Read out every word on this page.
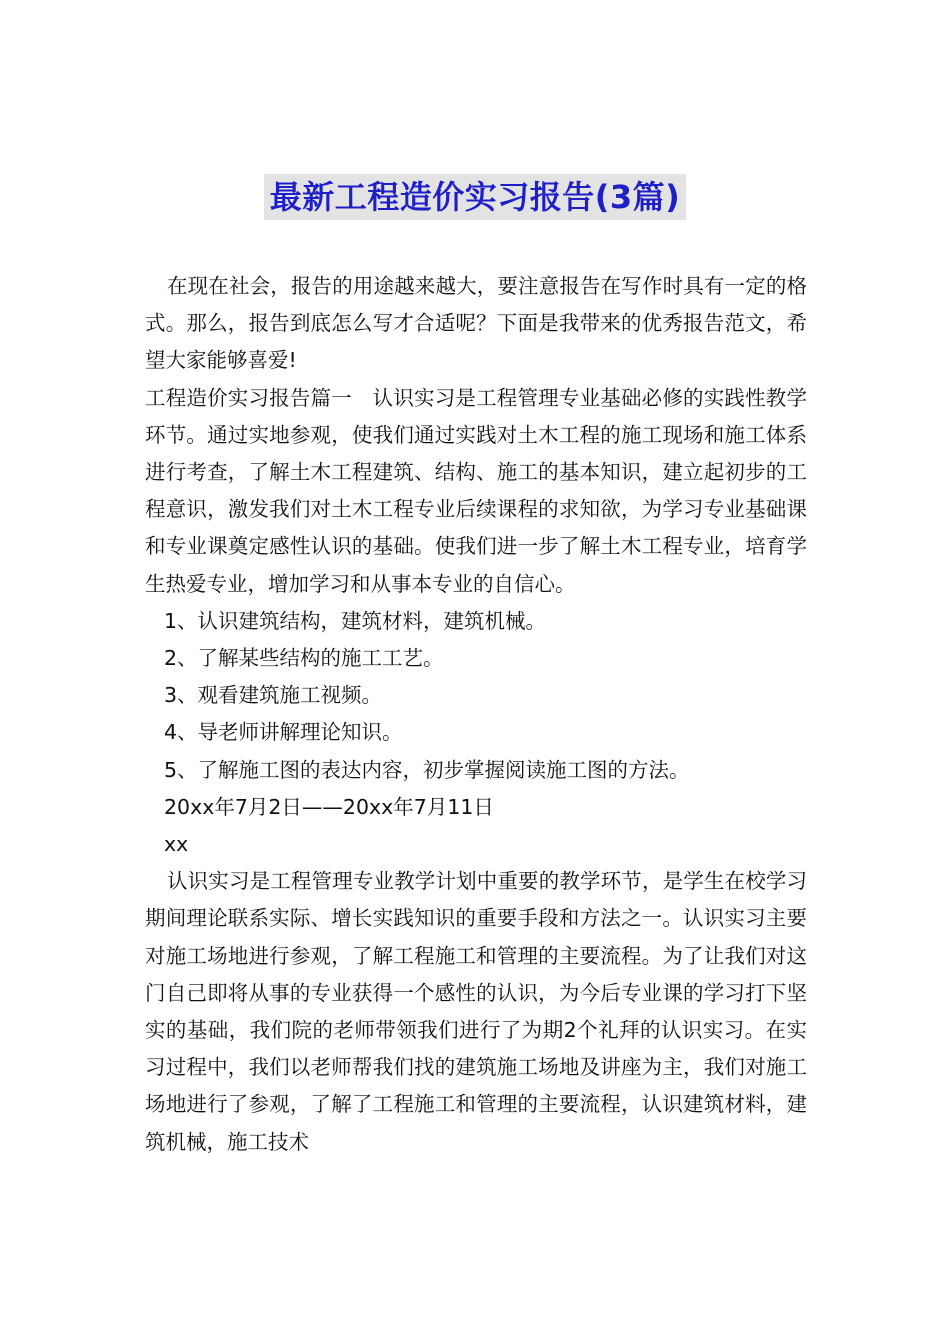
最新工程造价实习报告(3篇)

在现在社会，报告的用途越来越大，要注意报告在写作时具有一定的格式。那么，报告到底怎么写才合适呢？下面是我带来的优秀报告范文，希望大家能够喜爱!

工程造价实习报告篇一　认识实习是工程管理专业基础必修的实践性教学环节。通过实地参观，使我们通过实践对土木工程的施工现场和施工体系进行考查，了解土木工程建筑、结构、施工的基本知识，建立起初步的工程意识，激发我们对土木工程专业后续课程的求知欲，为学习专业基础课和专业课奠定感性认识的基础。使我们进一步了解土木工程专业，培育学生热爱专业，增加学习和从事本专业的自信心。

1、认识建筑结构，建筑材料，建筑机械。

2、了解某些结构的施工工艺。

3、观看建筑施工视频。

4、导老师讲解理论知识。

5、了解施工图的表达内容，初步掌握阅读施工图的方法。

20xx年7月2日——20xx年7月11日

xx

认识实习是工程管理专业教学计划中重要的教学环节，是学生在校学习期间理论联系实际、增长实践知识的重要手段和方法之一。认识实习主要对施工场地进行参观，了解工程施工和管理的主要流程。为了让我们对这门自己即将从事的专业获得一个感性的认识，为今后专业课的学习打下坚实的基础，我们院的老师带领我们进行了为期2个礼拜的认识实习。在实习过程中，我们以老师帮我们找的建筑施工场地及讲座为主，我们对施工场地进行了参观，了解了工程施工和管理的主要流程，认识建筑材料，建筑机械，施工技术
